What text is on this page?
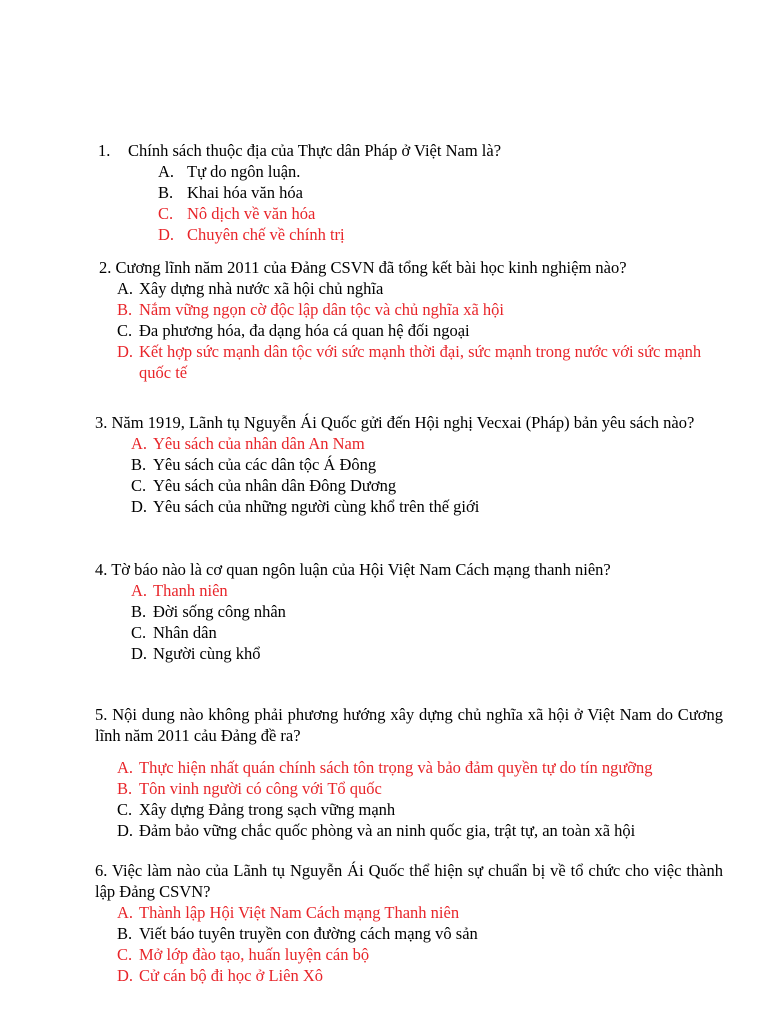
1. Chính sách thuộc địa của Thực dân Pháp ở Việt Nam là?

A. Tự do ngôn luận.
B. Khai hóa văn hóa
C. Nô dịch về văn hóa
D. Chuyên chế về chính trị

2. Cương lĩnh năm 2011 của Đảng CSVN đã tổng kết bài học kinh nghiệm nào?

A. Xây dựng nhà nước xã hội chủ nghĩa
B. Nắm vững ngọn cờ độc lập dân tộc và chủ nghĩa xã hội
C. Đa phương hóa, đa dạng hóa cá quan hệ đối ngoại
D. Kết hợp sức mạnh dân tộc với sức mạnh thời đại, sức mạnh trong nước với sức mạnh quốc tế

3. Năm 1919, Lãnh tụ Nguyễn Ái Quốc gửi đến Hội nghị Vecxai (Pháp) bản yêu sách nào?

A. Yêu sách của nhân dân An Nam
B. Yêu sách của các dân tộc Á Đông
C. Yêu sách của nhân dân Đông Dương
D. Yêu sách của những người cùng khổ trên thế giới

4. Tờ báo nào là cơ quan ngôn luận của Hội Việt Nam Cách mạng thanh niên?

A. Thanh niên
B. Đời sống công nhân
C. Nhân dân
D. Người cùng khổ

5. Nội dung nào không phải phương hướng xây dựng chủ nghĩa xã hội ở Việt Nam do Cương lĩnh năm 2011 cảu Đảng đề ra?

A. Thực hiện nhất quán chính sách tôn trọng và bảo đảm quyền tự do tín ngưỡng
B. Tôn vinh người có công với Tổ quốc
C. Xây dựng Đảng trong sạch vững mạnh
D. Đảm bảo vững chắc quốc phòng và an ninh quốc gia, trật tự, an toàn xã hội

6. Việc làm nào của Lãnh tụ Nguyễn Ái Quốc thể hiện sự chuẩn bị về tổ chức cho việc thành lập Đảng CSVN?

A. Thành lập Hội Việt Nam Cách mạng Thanh niên
B. Viết báo tuyên truyền con đường cách mạng vô sản
C. Mở lớp đào tạo, huấn luyện cán bộ
D. Cử cán bộ đi học ở Liên Xô
